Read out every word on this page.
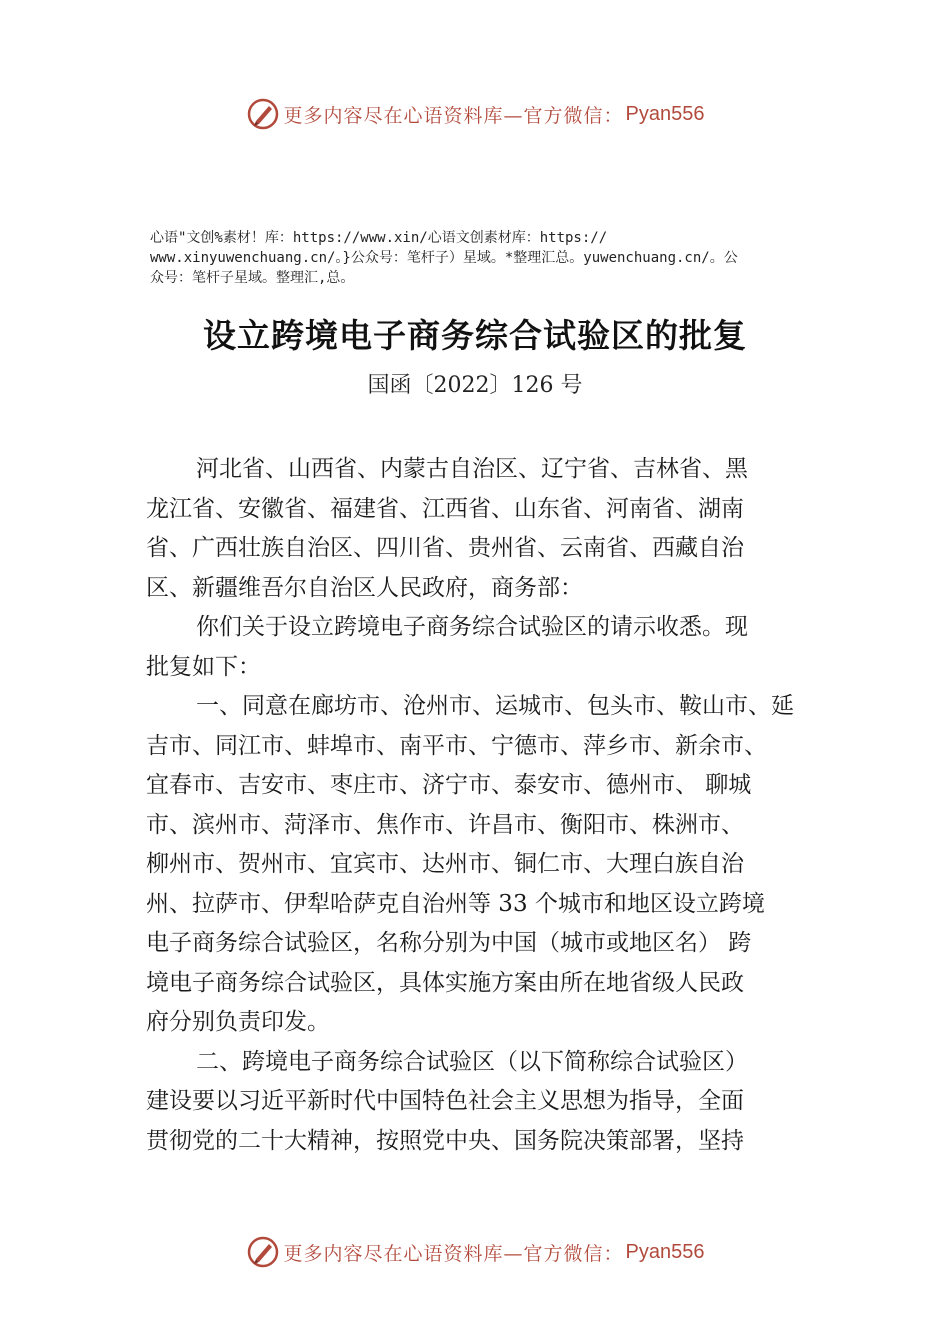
更多内容尽在心语资料库—官方微信： Pyan556
心语"文创%素材！库：https://www.xin/心语文创素材库：https://
www.xinyuwenchuang.cn/。}公众号：笔杆子）星域。*整理汇总。yuwenchuang.cn/。公
众号：笔杆子星域。整理汇,总。
设立跨境电子商务综合试验区的批复
国函〔2022〕126 号
河北省、山西省、内蒙古自治区、辽宁省、吉林省、黑
龙江省、安徽省、福建省、江西省、山东省、河南省、湖南
省、广西壮族自治区、四川省、贵州省、云南省、西藏自治
区、新疆维吾尔自治区人民政府，商务部：
你们关于设立跨境电子商务综合试验区的请示收悉。现
批复如下：
一、同意在廊坊市、沧州市、运城市、包头市、鞍山市、延
吉市、同江市、蚌埠市、南平市、宁德市、萍乡市、新余市、
宜春市、吉安市、枣庄市、济宁市、泰安市、德州市、 聊城
市、滨州市、菏泽市、焦作市、许昌市、衡阳市、株洲市、
柳州市、贺州市、宜宾市、达州市、铜仁市、大理白族自治
州、拉萨市、伊犁哈萨克自治州等 33 个城市和地区设立跨境
电子商务综合试验区，名称分别为中国（城市或地区名） 跨
境电子商务综合试验区，具体实施方案由所在地省级人民政
府分别负责印发。
二、跨境电子商务综合试验区（以下简称综合试验区）
建设要以习近平新时代中国特色社会主义思想为指导，全面
贯彻党的二十大精神，按照党中央、国务院决策部署，坚持
更多内容尽在心语资料库—官方微信： Pyan556
